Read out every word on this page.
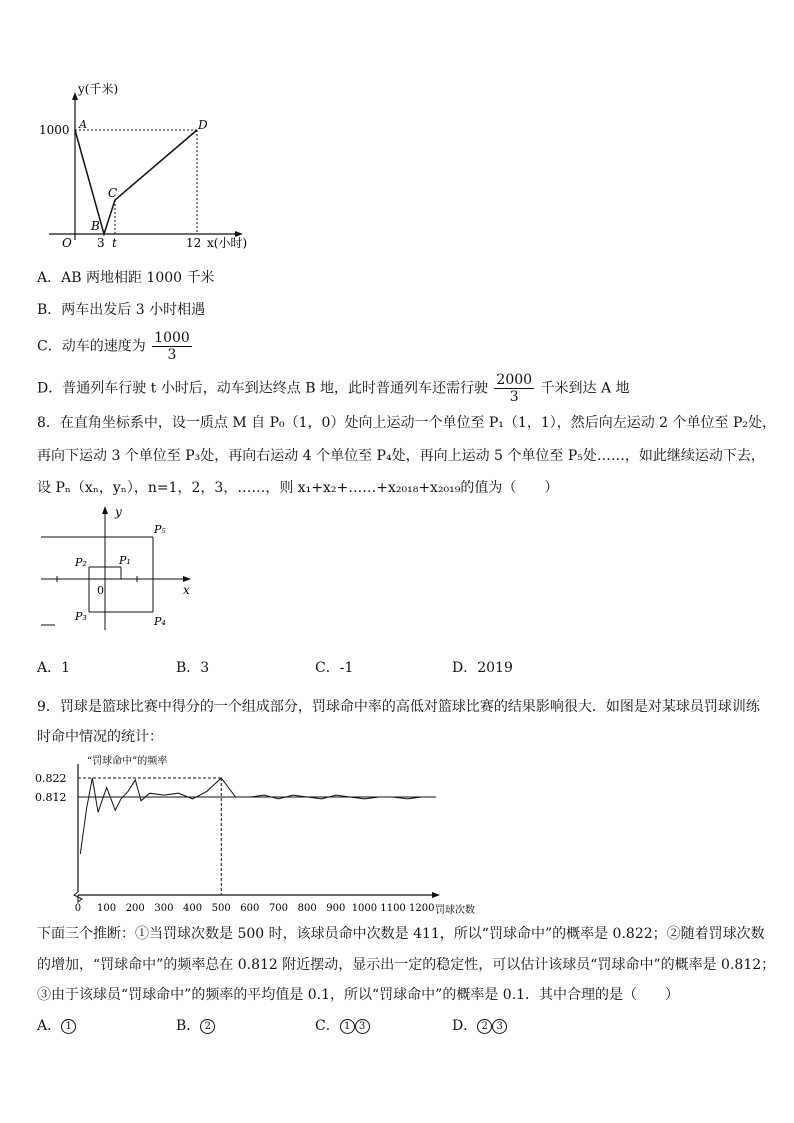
y(千米)
1000 A	D
C
B
O 3 t	12 x(小时)
A．AB 两地相距 1000 千米
B．两车出发后 3 小时相遇
C．动车的速度为 $\frac{1000}{3}$
D．普通列车行驶 t 小时后，动车到达终点 B 地，此时普通列车还需行驶 $\frac{2000}{3}$ 千米到达 A 地
8．在直角坐标系中，设一质点 M 自 P₀（1，0）处向上运动一个单位至 P₁（1，1），然后向左运动 2 个单位至 P₂处，
再向下运动 3 个单位至 P₃处，再向右运动 4 个单位至 P₄处，再向上运动 5 个单位至 P₅处……，如此继续运动下去，
设 Pₙ（xₙ，yₙ），n=1，2，3，……，则 x₁+x₂+……+x₂₀₁₈+x₂₀₁₉的值为（　　）
y
x
0
P₁
P₂
P₃	P₄
P₅
A．1	B．3	C．-1	D．2019
9．罚球是篮球比赛中得分的一个组成部分，罚球命中率的高低对篮球比赛的结果影响很大．如图是对某球员罚球训练
时命中情况的统计：
“罚球命中”的频率
0.822
0.812
0 100 200 300 400 500 600 700 800 900 1000 1100 1200 罚球次数
下面三个推断：①当罚球次数是 500 时，该球员命中次数是 411，所以“罚球命中”的概率是 0.822；②随着罚球次数
的增加，“罚球命中”的频率总在 0.812 附近摆动，显示出一定的稳定性，可以估计该球员“罚球命中”的概率是 0.812；
③由于该球员“罚球命中”的频率的平均值是 0.1，所以“罚球命中”的概率是 0.1．其中合理的是（　　）
A． 1	B． 2	C． 1 3	D． 2 3
